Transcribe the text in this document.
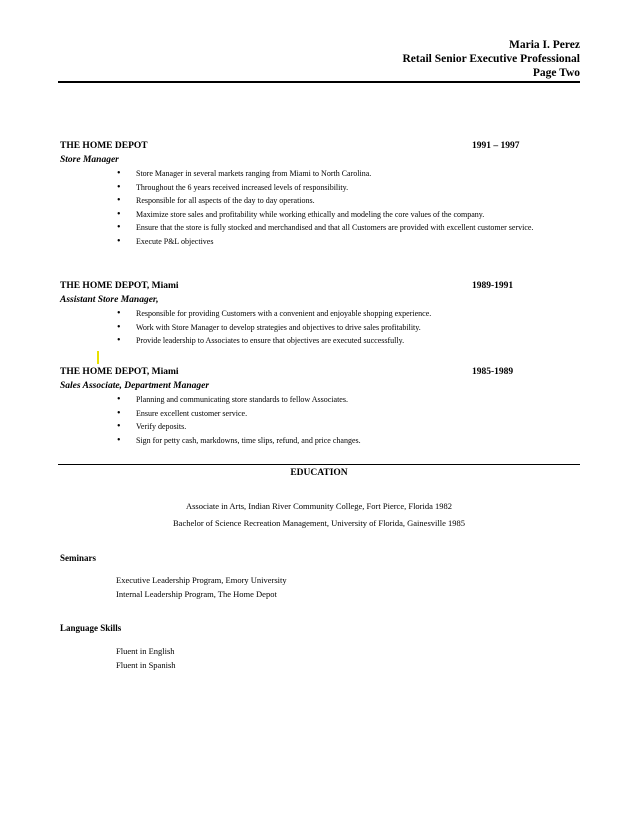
Maria I. Perez
Retail Senior Executive Professional
Page Two
THE HOME DEPOT	1991 – 1997
Store Manager
• Store Manager in several markets ranging from Miami to North Carolina.
• Throughout the 6 years received increased levels of responsibility.
• Responsible for all aspects of the day to day operations.
• Maximize store sales and profitability while working ethically and modeling the core values of the company.
• Ensure that the store is fully stocked and merchandised and that all Customers are provided with excellent customer service.
• Execute P&L objectives
THE HOME DEPOT, Miami	1989-1991
Assistant Store Manager,
• Responsible for providing Customers with a convenient and enjoyable shopping experience.
• Work with Store Manager to develop strategies and objectives to drive sales profitability.
• Provide leadership to Associates to ensure that objectives are executed successfully.
THE HOME DEPOT, Miami	1985-1989
Sales Associate, Department Manager
• Planning and communicating store standards to fellow Associates.
• Ensure excellent customer service.
• Verify deposits.
• Sign for petty cash, markdowns, time slips, refund, and price changes.
EDUCATION
Associate in Arts, Indian River Community College, Fort Pierce, Florida 1982
Bachelor of Science Recreation Management, University of Florida, Gainesville 1985
Seminars
Executive Leadership Program, Emory University
Internal Leadership Program, The Home Depot
Language Skills
Fluent in English
Fluent in Spanish
